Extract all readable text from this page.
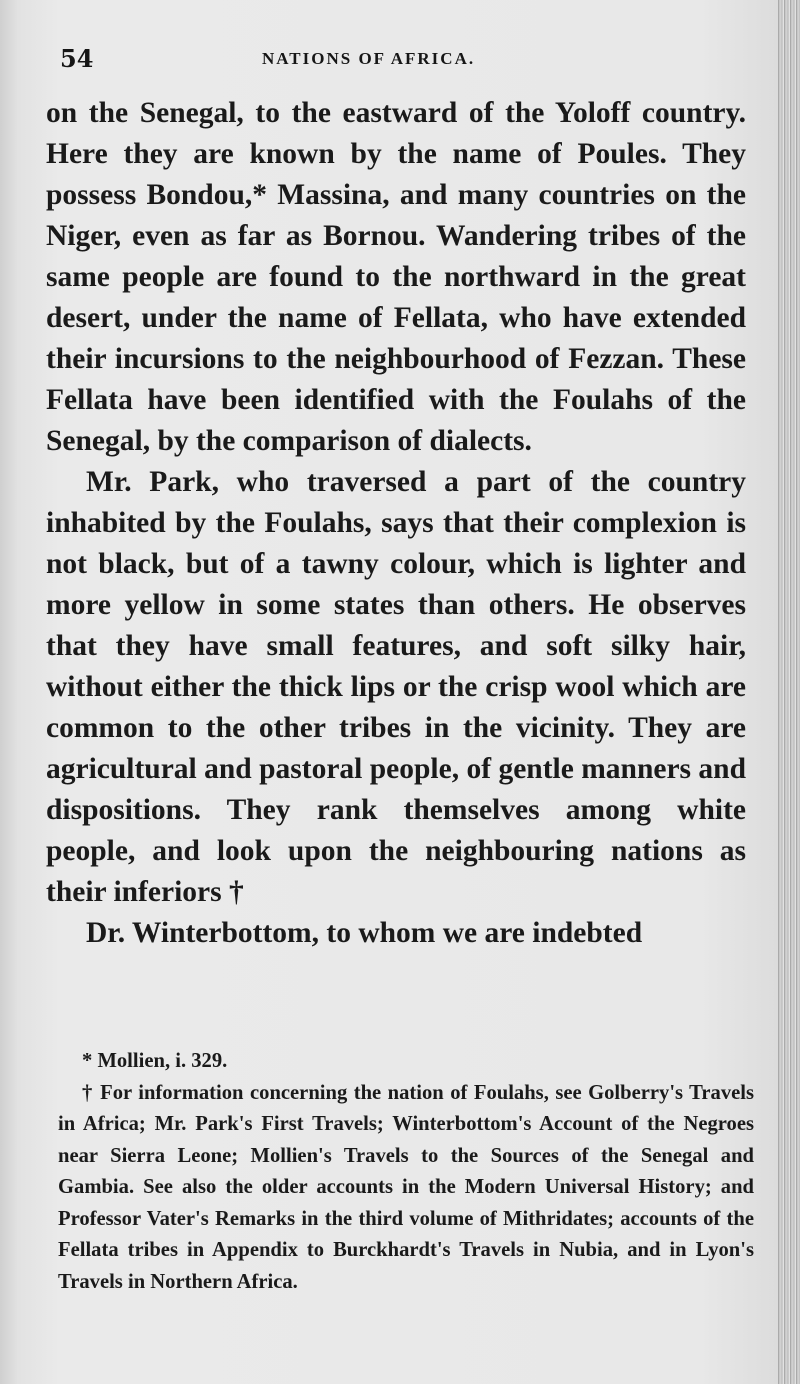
54	NATIONS OF AFRICA.

on the Senegal, to the eastward of the Yoloff country. Here they are known by the name of Poules. They possess Bondou,* Massina, and many countries on the Niger, even as far as Bornou. Wandering tribes of the same people are found to the northward in the great desert, under the name of Fellata, who have extended their incursions to the neighbourhood of Fezzan. These Fellata have been identified with the Foulahs of the Senegal, by the comparison of dialects.

Mr. Park, who traversed a part of the country inhabited by the Foulahs, says that their complexion is not black, but of a tawny colour, which is lighter and more yellow in some states than others. He observes that they have small features, and soft silky hair, without either the thick lips or the crisp wool which are common to the other tribes in the vicinity. They are agricultural and pastoral people, of gentle manners and dispositions. They rank themselves among white people, and look upon the neighbouring nations as their inferiors †

Dr. Winterbottom, to whom we are indebted

* Mollien, i. 329.

† For information concerning the nation of Foulahs, see Golberry's Travels in Africa; Mr. Park's First Travels; Winterbottom's Account of the Negroes near Sierra Leone; Mollien's Travels to the Sources of the Senegal and Gambia. See also the older accounts in the Modern Universal History; and Professor Vater's Remarks in the third volume of Mithridates; accounts of the Fellata tribes in Appendix to Burckhardt's Travels in Nubia, and in Lyon's Travels in Northern Africa.
